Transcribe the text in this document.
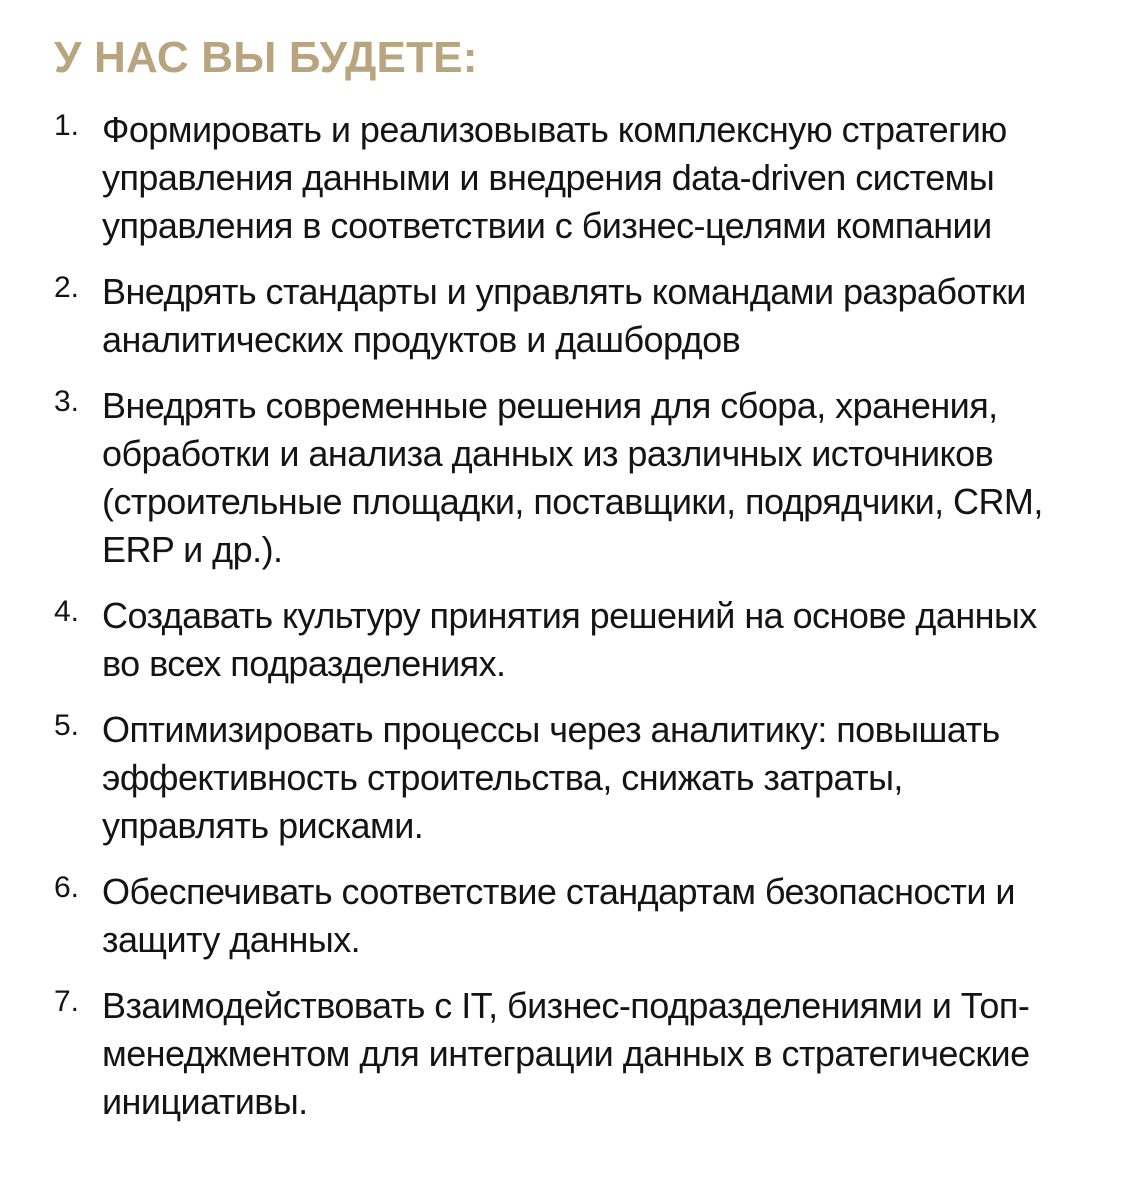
У НАС ВЫ БУДЕТЕ:
1. Формировать и реализовывать комплексную стратегию
управления данными и внедрения data-driven системы
управления в соответствии с бизнес-целями компании
2. Внедрять стандарты и управлять командами разработки
аналитических продуктов и дашбордов
3. Внедрять современные решения для сбора, хранения,
обработки и анализа данных из различных источников
(строительные площадки, поставщики, подрядчики, CRM,
ERP и др.).
4. Создавать культуру принятия решений на основе данных
во всех подразделениях.
5. Оптимизировать процессы через аналитику: повышать
эффективность строительства, снижать затраты,
управлять рисками.
6. Обеспечивать соответствие стандартам безопасности и
защиту данных.
7. Взаимодействовать с IT, бизнес-подразделениями и Топ-
менеджментом для интеграции данных в стратегические
инициативы.
